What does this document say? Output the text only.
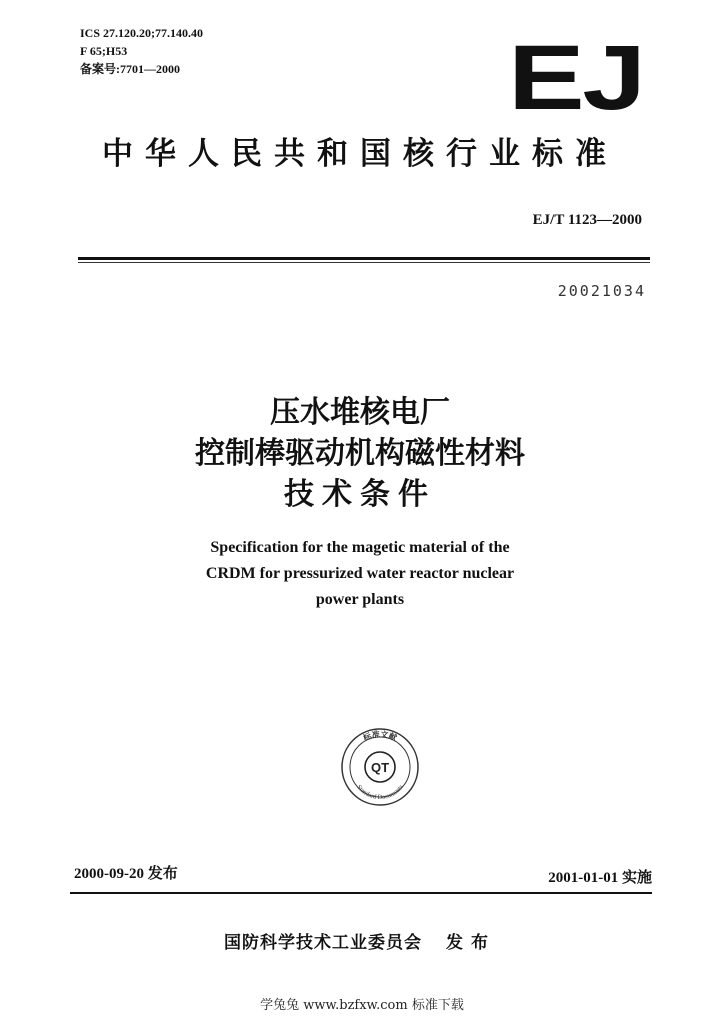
ICS 27.120.20;77.140.40
F 65;H53
备案号:7701—2000	EJ
中华人民共和国核行业标准
EJ/T 1123—2000
20021034
压水堆核电厂
控制棒驱动机构磁性材料
技术条件
Specification for the magetic material of the
CRDM for pressurized water reactor nuclear
power plants
标准文献
Standard Documents
QT
2000-09-20 发布	2001-01-01 实施
国防科学技术工业委员会 发布
学兔兔 www.bzfxw.com 标准下载
